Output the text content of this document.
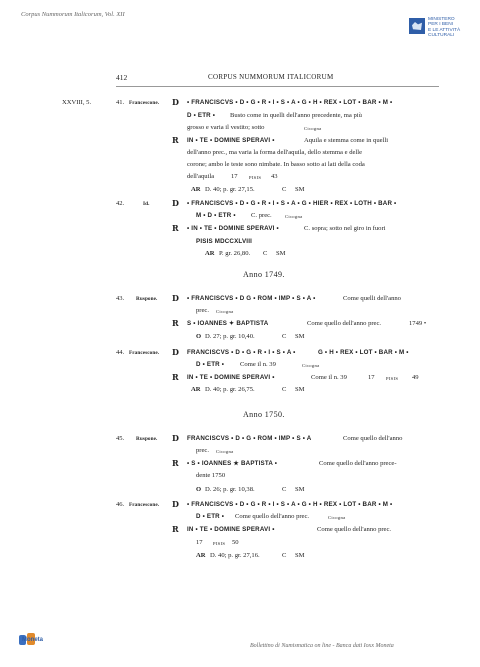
Corpus Nummorum Italicorum, Vol. XII
MINISTERO
PER I BENI
E LE ATTIVITÀ
CULTURALI
412	CORPUS NUMMORUM ITALICORUM
XXVIII, 5.	41. Francescone. D • FRANCISCVS • D • G • R • I • S • A • G • H • REX • LOT • BAR • M •
D • ETR • Busto come in quelli dell'anno precedente, ma più
grosso e varia il vestito; sotto	Cicogna
R IN • TE • DOMINE SPERAVI •	Aquila e stemma come in quelli
dell'anno prec., ma varia la forma dell'aquila, dello stemma e delle
corone; ambo le teste sono nimbate. In basso sotto ai lati della coda
dell'aquila	17 PISIS 43
AR D. 40; p. gr. 27,15.	C SM
42.	Id.	D • FRANCISCVS • D • G • R • I • S • A • G • HIER • REX • LOTH • BAR •
M • D • ETR • C. prec.	Cicogna
R • IN • TE • DOMINE SPERAVI •	C. sopra; sotto nel giro in fuori
PISIS MDCCXLVIII
AR P. gr. 26,80. C SM
Anno 1749.
43. Ruspone. D • FRANCISCVS • D G • ROM • IMP • S • A •	Come quelli dell'anno
prec. Cicogna
R S • IOANNES ✦ BAPTISTA	Come quello dell'anno prec.	1749 •
O D. 27; p. gr. 10,40.	C SM
44. Francescone. D FRANCISCVS • D • G • R • I • S • A •	G • H • REX • LOT • BAR • M •
D • ETR • Come il n. 39	Cicogna
R IN • TE • DOMINE SPERAVI •	Come il n. 39	17 PISIS 49
AR D. 40; p. gr. 26,75.	C SM
Anno 1750.
45. Ruspone. D FRANCISCVS • D • G • ROM • IMP • S • A	Come quello dell'anno
prec. Cicogna
R • S • IOANNES ★ BAPTISTA •	Come quello dell'anno prece-
dente 1750
O D. 26; p. gr. 10,38.	C SM
46. Francescone. D • FRANCISCVS • D • G • R • I • S • A • G • H • REX • LOT • BAR • M •
D • ETR • Come quello dell'anno prec.	Cicogna
R IN • TE • DOMINE SPERAVI •	Come quello dell'anno prec.
17 PISIS 50
AR D. 40; p. gr. 27,16.	C SM
Moneta
Bollettino di Numismatica on line - Banca dati Ioxx Moneta
